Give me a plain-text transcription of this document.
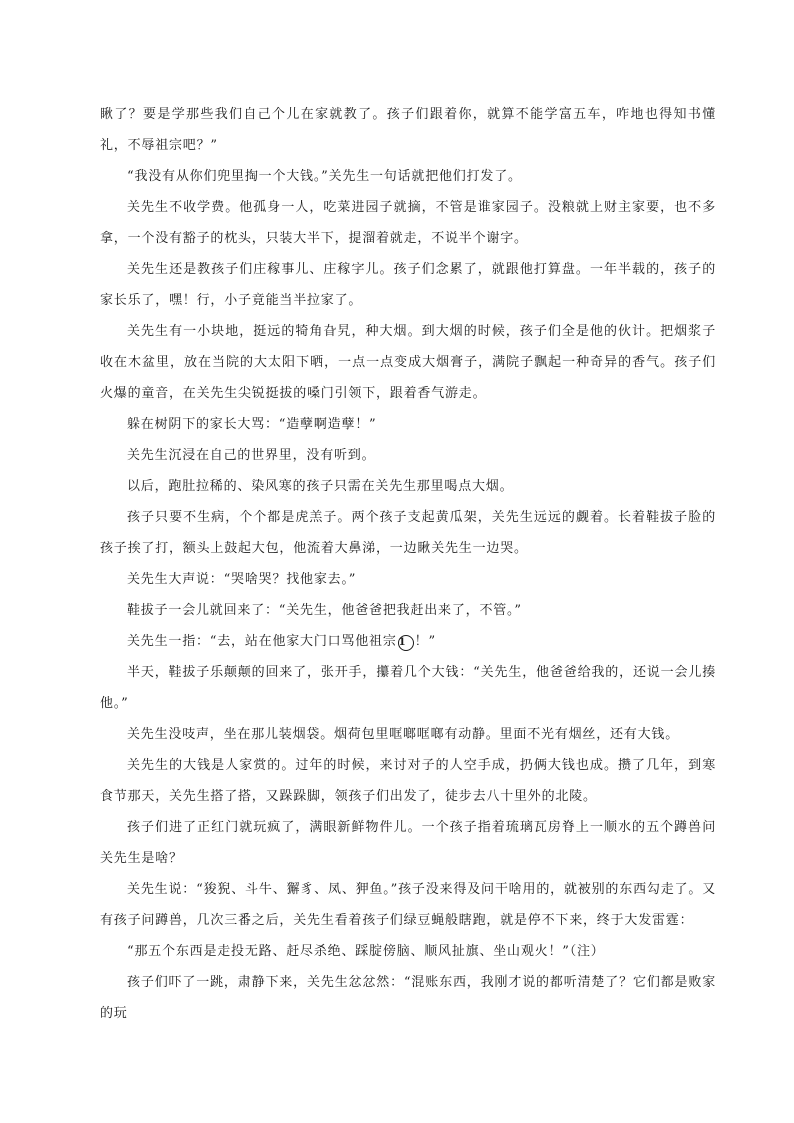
瞅了？要是学那些我们自己个儿在家就教了。孩子们跟着你，就算不能学富五车，咋地也得知书懂礼，不辱祖宗吧？”

“我没有从你们兜里掏一个大钱。”关先生一句话就把他们打发了。

关先生不收学费。他孤身一人，吃菜进园子就摘，不管是谁家园子。没粮就上财主家要，也不多拿，一个没有豁子的枕头，只装大半下，提溜着就走，不说半个谢字。

关先生还是教孩子们庄稼事儿、庄稼字儿。孩子们念累了，就跟他打算盘。一年半载的，孩子的家长乐了，嘿！行，小子竟能当半拉家了。

关先生有一小块地，挺远的犄角旮旯，种大烟。到大烟的时候，孩子们全是他的伙计。把烟浆子收在木盆里，放在当院的大太阳下晒，一点一点变成大烟膏子，满院子飘起一种奇异的香气。孩子们火爆的童音，在关先生尖锐挺拔的嗓门引领下，跟着香气游走。

躲在树阴下的家长大骂：“造孽啊造孽！”

关先生沉浸在自己的世界里，没有听到。

以后，跑肚拉稀的、染风寒的孩子只需在关先生那里喝点大烟。

孩子只要不生病，个个都是虎羔子。两个孩子支起黄瓜架，关先生远远的觑着。长着鞋拔子脸的孩子挨了打，额头上鼓起大包，他流着大鼻涕，一边瞅关先生一边哭。

关先生大声说：“哭啥哭？找他家去。”

鞋拔子一会儿就回来了：“关先生，他爸爸把我赶出来了，不管。”

关先生一指：“去，站在他家大门口骂他祖宗 1 ！”

半天，鞋拔子乐颠颠的回来了，张开手，攥着几个大钱：“关先生，他爸爸给我的，还说一会儿揍他。”

关先生没吱声，坐在那儿装烟袋。烟荷包里哐啷哐啷有动静。里面不光有烟丝，还有大钱。

关先生的大钱是人家赏的。过年的时候，来讨对子的人空手成，扔俩大钱也成。攒了几年，到寒食节那天，关先生搭了搭，又跺跺脚，领孩子们出发了，徒步去八十里外的北陵。

孩子们进了正红门就玩疯了，满眼新鲜物件儿。一个孩子指着琉璃瓦房脊上一顺水的五个蹲兽问关先生是啥？

关先生说：“狻猊、斗牛、獬豸、凤、狎鱼。”孩子没来得及问干啥用的，就被别的东西勾走了。又有孩子问蹲兽，几次三番之后，关先生看着孩子们绿豆蝇般瞎跑，就是停不下来，终于大发雷霆：

“那五个东西是走投无路、赶尽杀绝、踩腚傍脑、顺风扯旗、坐山观火！”（注）

孩子们吓了一跳，肃静下来，关先生忿忿然：“混账东西，我刚才说的都听清楚了？它们都是败家的玩
